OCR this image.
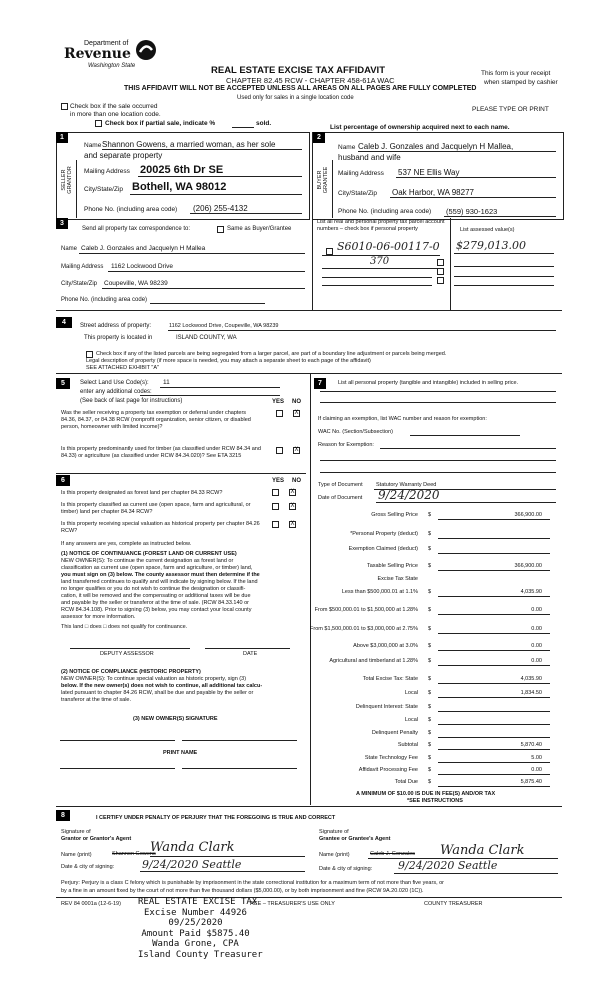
Department of
Revenue
Washington State	REAL ESTATE EXCISE TAX AFFIDAVIT
CHAPTER 82.45 RCW - CHAPTER 458-61A WAC
THIS AFFIDAVIT WILL NOT BE ACCEPTED UNLESS ALL AREAS ON ALL PAGES ARE FULLY COMPLETED
Used only for sales in a single location code
This form is your receipt
when stamped by cashier
PLEASE TYPE OR PRINT
Check box if the sale occurred
in more than one location code.
Check box if partial sale, indicate %	sold.
List percentage of ownership acquired next to each name.
1
SELLER GRANTOR
Name Shannon Gowens, a married woman, as her sole
and separate property
Mailing Address 20025 6th Dr SE
City/State/Zip Bothell, WA 98012
Phone No. (including area code) (206) 255-4132
2
BUYER GRANTEE
Name Caleb J. Gonzales and Jacquelyn H Mallea,
husband and wife
Mailing Address 537 NE Ellis Way
City/State/Zip Oak Harbor, WA 98277
Phone No. (including area code) (559) 930-1623
3
Send all property tax correspondence to:	Same as Buyer/Grantee
Name Caleb J. Gonzales and Jacquelyn H Mallea
Mailing Address 1162 Lockwood Drive
City/State/Zip Coupeville, WA 98239
Phone No. (including area code)
List all real and personal property tax parcel account numbers – check box if personal property	List assessed value(s)
S6010-06-00117-0 $279,013.00
370
4	Street address of property:	1162 Lockwood Drive, Coupeville, WA 98239
This property is located in	ISLAND COUNTY, WA
Check box if any of the listed parcels are being segregated from a larger parcel, are part of a boundary line adjustment or parcels being merged.
Legal description of property (if more space is needed, you may attach a separate sheet to each page of the affidavit)
SEE ATTACHED EXHIBIT "A"
5	Select Land Use Code(s): 11
enter any additional codes:
(See back of last page for instructions)	YES NO
Was the seller receiving a property tax exemption or deferral under chapters 84.36, 84.37, or 84.38 RCW (nonprofit organization, senior citizen, or disabled person, homeowner with limited income)?
X
Is this property predominantly used for timber (as classified under RCW 84.34 and 84.33) or agriculture (as classified under RCW 84.34.020)? See ETA 3215
X
6	YES NO
Is this property designated as forest land per chapter 84.33 RCW?	X
Is this property classified as current use (open space, farm and agricultural, or timber) land per chapter 84.34 RCW?
X
Is this property receiving special valuation as historical property per chapter 84.26 RCW?
X
If any answers are yes, complete as instructed below.
(1) NOTICE OF CONTINUANCE (FOREST LAND OR CURRENT USE)
NEW OWNER(S): To continue the current designation as forest land or
classification as current use (open space, farm and agriculture, or timber) land,
you must sign on (3) below. The county assessor must then determine if the
land transferred continues to qualify and will indicate by signing below. If the land
no longer qualifies or you do not wish to continue the designation or classifi-
cation, it will be removed and the compensating or additional taxes will be due
and payable by the seller or transferor at the time of sale. (RCW 84.33.140 or
RCW 84.34.108). Prior to signing (3) below, you may contact your local county
assessor for more information.
This land □ does □ does not qualify for continuance.
DEPUTY ASSESSOR	DATE
(2) NOTICE OF COMPLIANCE (HISTORIC PROPERTY)
NEW OWNER(S): To continue special valuation as historic property, sign (3)
below. If the new owner(s) does not wish to continue, all additional tax calcu-
lated pursuant to chapter 84.26 RCW, shall be due and payable by the seller or
transferor at the time of sale.
(3) NEW OWNER(S) SIGNATURE
PRINT NAME
7	List all personal property (tangible and intangible) included in selling price.
If claiming an exemption, list WAC number and reason for exemption:
WAC No. (Section/Subsection)
Reason for Exemption:
Type of Document Statutory Warranty Deed
Date of Document 9/24/2020
Gross Selling Price $	366,900.00
*Personal Property (deduct) $
Exemption Claimed (deduct) $
Taxable Selling Price $	366,900.00
Excise Tax State
Less than $500,000.01 at 1.1% $	4,035.90
From $500,000.01 to $1,500,000 at 1.28% $	0.00
From $1,500,000.01 to $3,000,000 at 2.75% $	0.00
Above $3,000,000 at 3.0% $	0.00
Agricultural and timberland at 1.28% $	0.00
Total Excise Tax: State $	4,035.90
Local $	1,834.50
Delinquent Interest: State $
Local $
Delinquent Penalty $
Subtotal $	5,870.40
State Technology Fee $	5.00
Affidavit Processing Fee $	0.00
Total Due $	5,875.40
A MINIMUM OF $10.00 IS DUE IN FEE(S) AND/OR TAX
*SEE INSTRUCTIONS
8	I CERTIFY UNDER PENALTY OF PERJURY THAT THE FOREGOING IS TRUE AND CORRECT
Signature of
Grantor or Grantor's Agent
Wanda Clark
Name (print)	Shannon Gowens
Date & city of signing:	9/24/2020 Seattle
Signature of
Grantee or Grantee's Agent
Name (print)	Caleb J. Gonzales Wanda Clark
Date & city of signing: 9/24/2020 Seattle
Perjury: Perjury is a class C felony which is punishable by imprisonment in the state correctional institution for a maximum term of not more than five years, or
by a fine in an amount fixed by the court of not more than five thousand dollars ($5,000.00), or by both imprisonment and fine (RCW 9A.20.020 (1C)).
REV 84 0001a (12-6-19)	ACE – TREASURER'S USE ONLY	COUNTY TREASURER
REAL ESTATE EXCISE TAX
Excise Number 44926
09/25/2020
Amount Paid $5875.40
Wanda Grone, CPA
Island County Treasurer
